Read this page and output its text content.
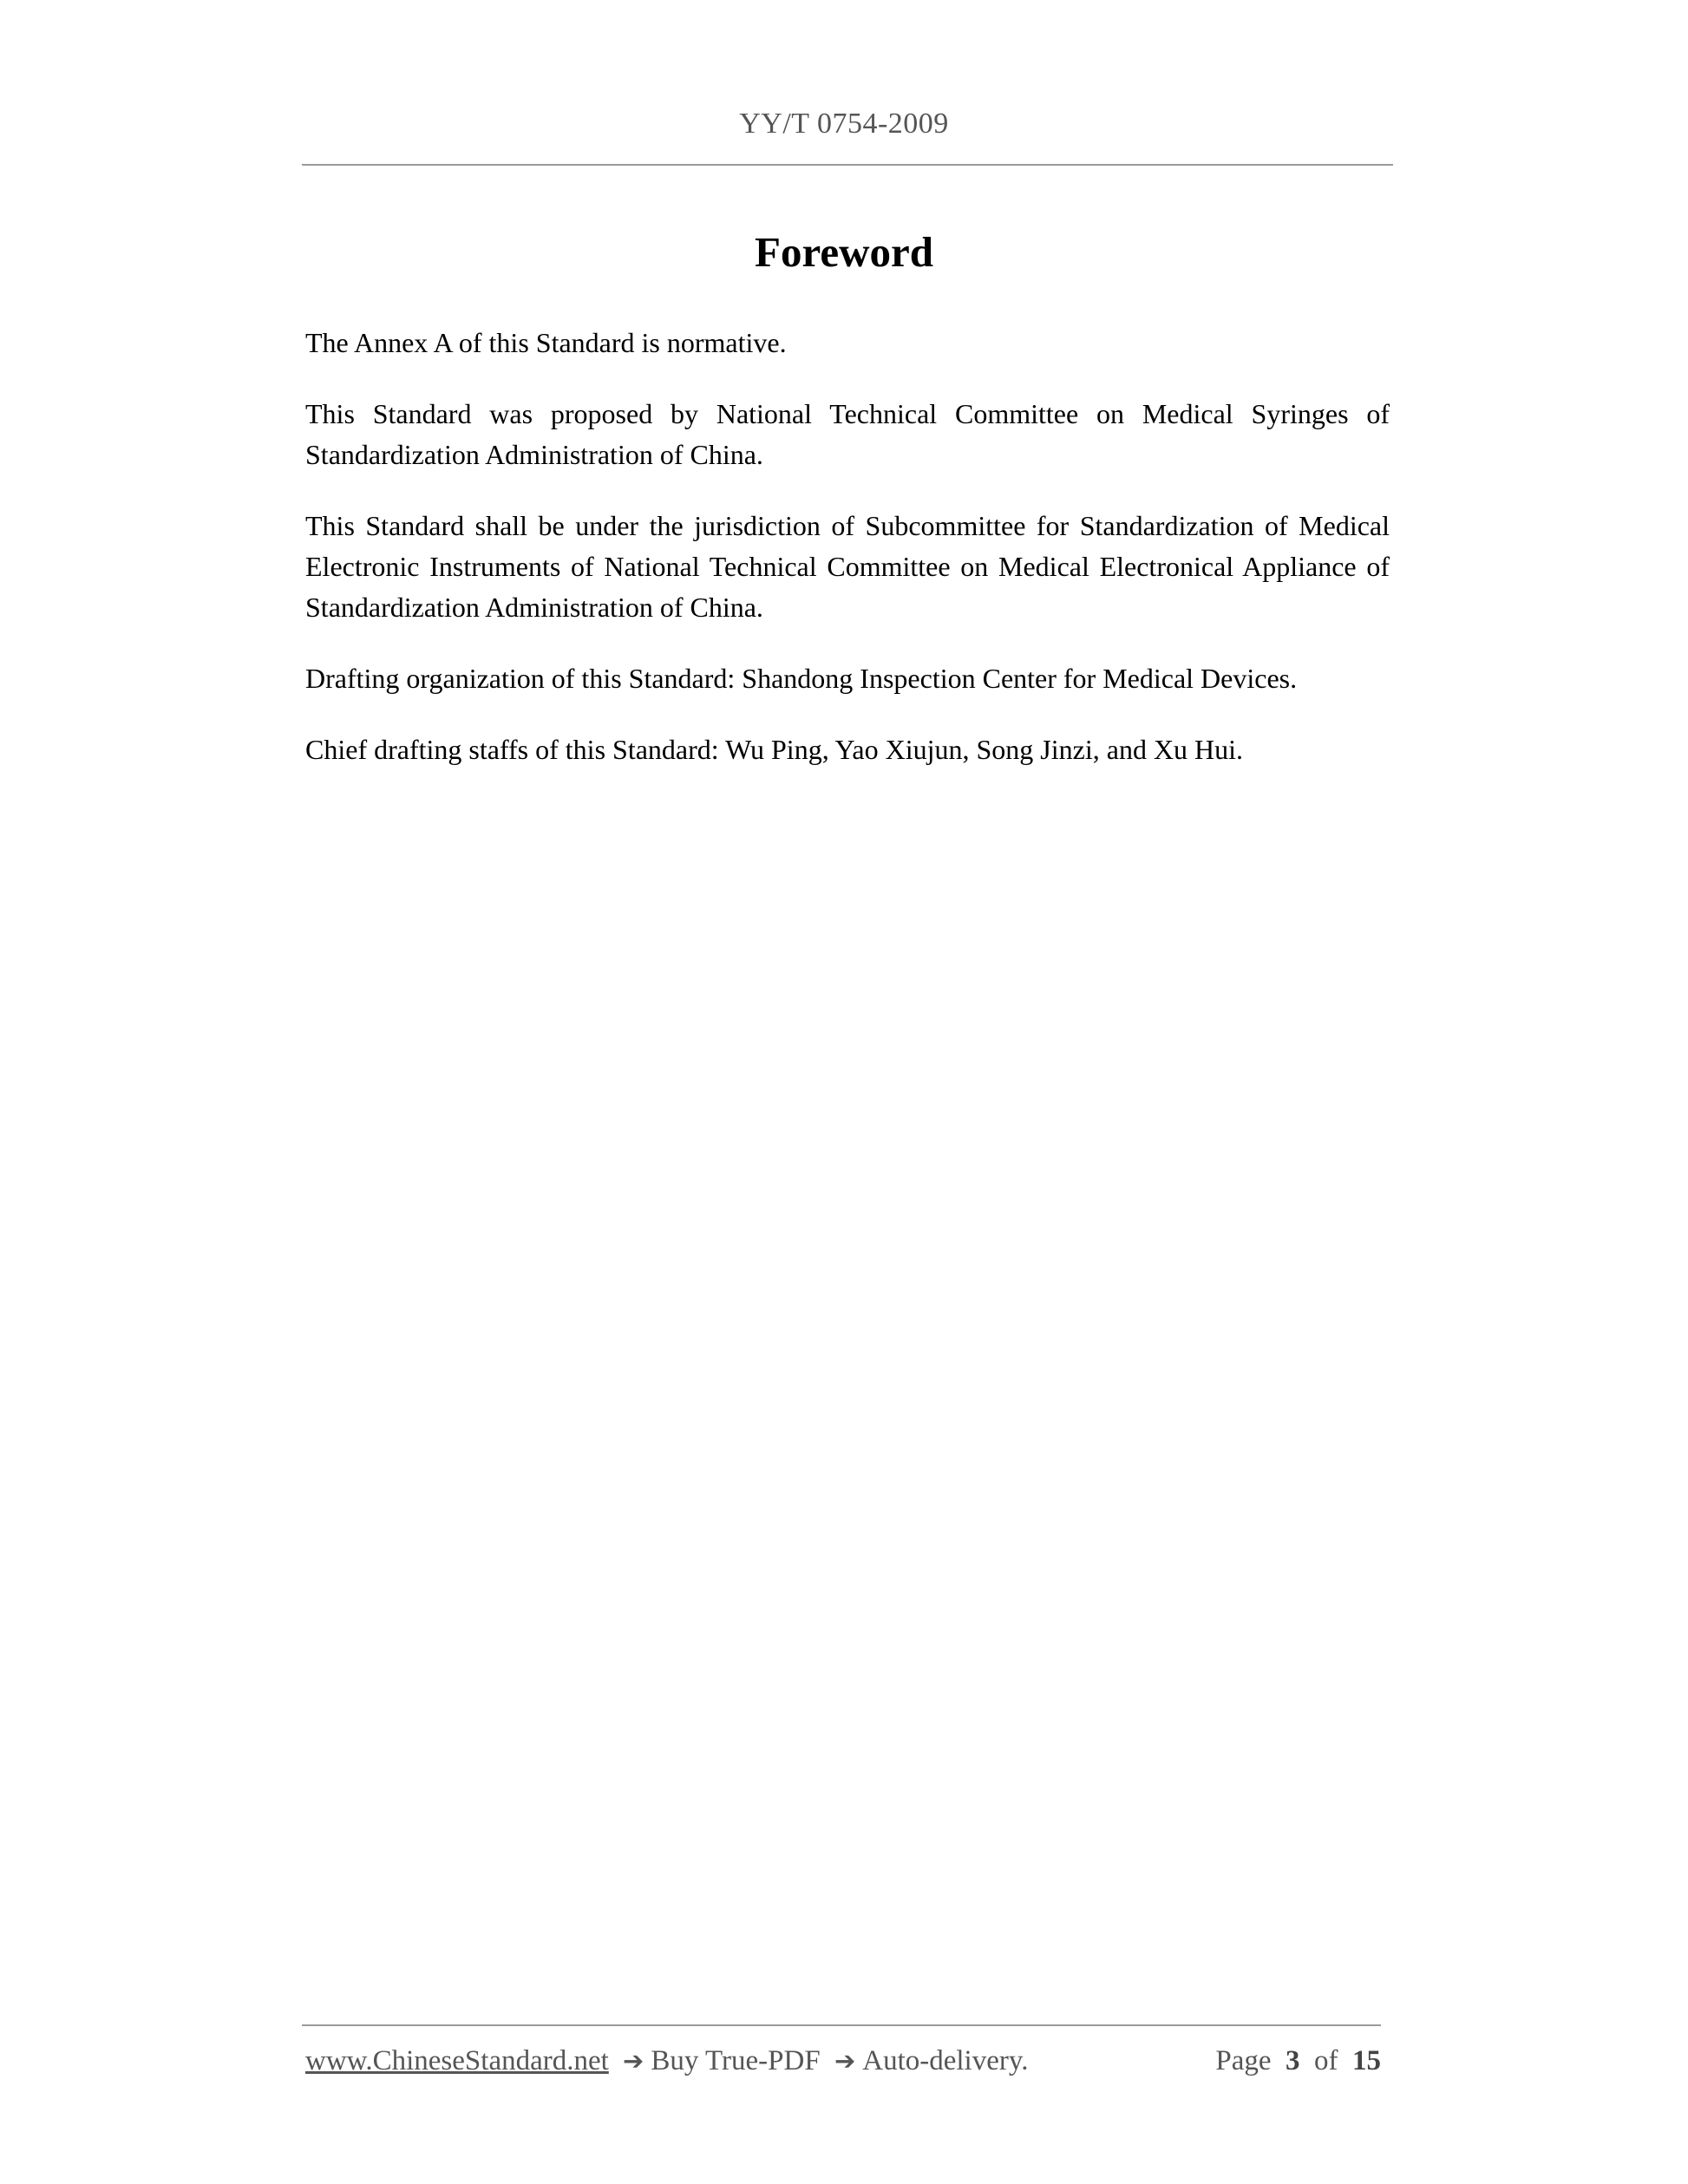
YY/T 0754-2009
Foreword

The Annex A of this Standard is normative.

This Standard was proposed by National Technical Committee on Medical Syringes of Standardization Administration of China.

This Standard shall be under the jurisdiction of Subcommittee for Standardization of Medical Electronic Instruments of National Technical Committee on Medical Electronical Appliance of Standardization Administration of China.

Drafting organization of this Standard: Shandong Inspection Center for Medical Devices.

Chief drafting staffs of this Standard: Wu Ping, Yao Xiujun, Song Jinzi, and Xu Hui.

www.ChineseStandard.net ➔ Buy True-PDF ➔ Auto-delivery.	Page 3 of 15
